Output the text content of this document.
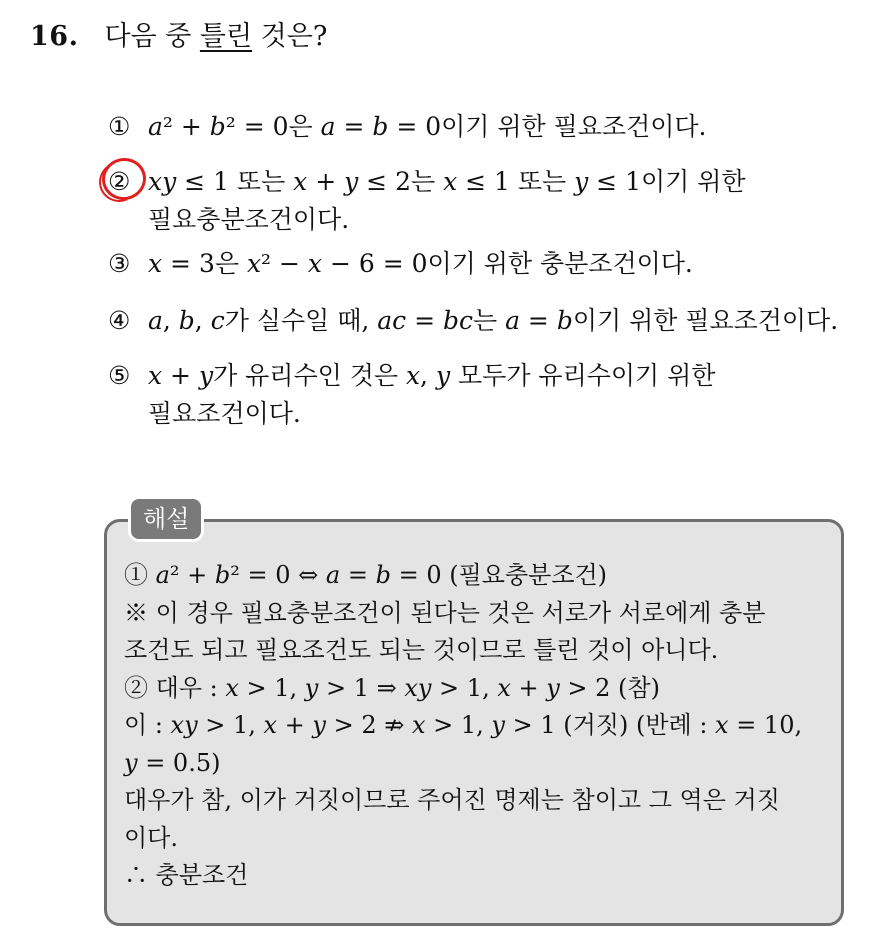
16. 다음 중 틀린 것은?
① 𝑎² + 𝑏² = 0은 𝑎 = 𝑏 = 0이기 위한 필요조건이다.
② 𝑥𝑦 ≤ 1 또는 𝑥 + 𝑦 ≤ 2는 𝑥 ≤ 1 또는 𝑦 ≤ 1이기 위한
필요충분조건이다.
③ 𝑥 = 3은 𝑥² − 𝑥 − 6 = 0이기 위한 충분조건이다.
④ 𝑎, 𝑏, 𝑐가 실수일 때, 𝑎𝑐 = 𝑏𝑐는 𝑎 = 𝑏이기 위한 필요조건이다.
⑤ 𝑥 + 𝑦가 유리수인 것은 𝑥, 𝑦 모두가 유리수이기 위한
필요조건이다.
해설
① 𝑎² + 𝑏² = 0 ⇔ 𝑎 = 𝑏 = 0 (필요충분조건)
※ 이 경우 필요충분조건이 된다는 것은 서로가 서로에게 충분
조건도 되고 필요조건도 되는 것이므로 틀린 것이 아니다.
② 대우 : 𝑥 > 1, 𝑦 > 1 ⇒ 𝑥𝑦 > 1, 𝑥 + 𝑦 > 2 (참)
이 : 𝑥𝑦 > 1, 𝑥 + 𝑦 > 2 ⇏ 𝑥 > 1, 𝑦 > 1 (거짓) (반례 : 𝑥 = 10,
𝑦 = 0.5)
대우가 참, 이가 거짓이므로 주어진 명제는 참이고 그 역은 거짓
이다.
∴ 충분조건
